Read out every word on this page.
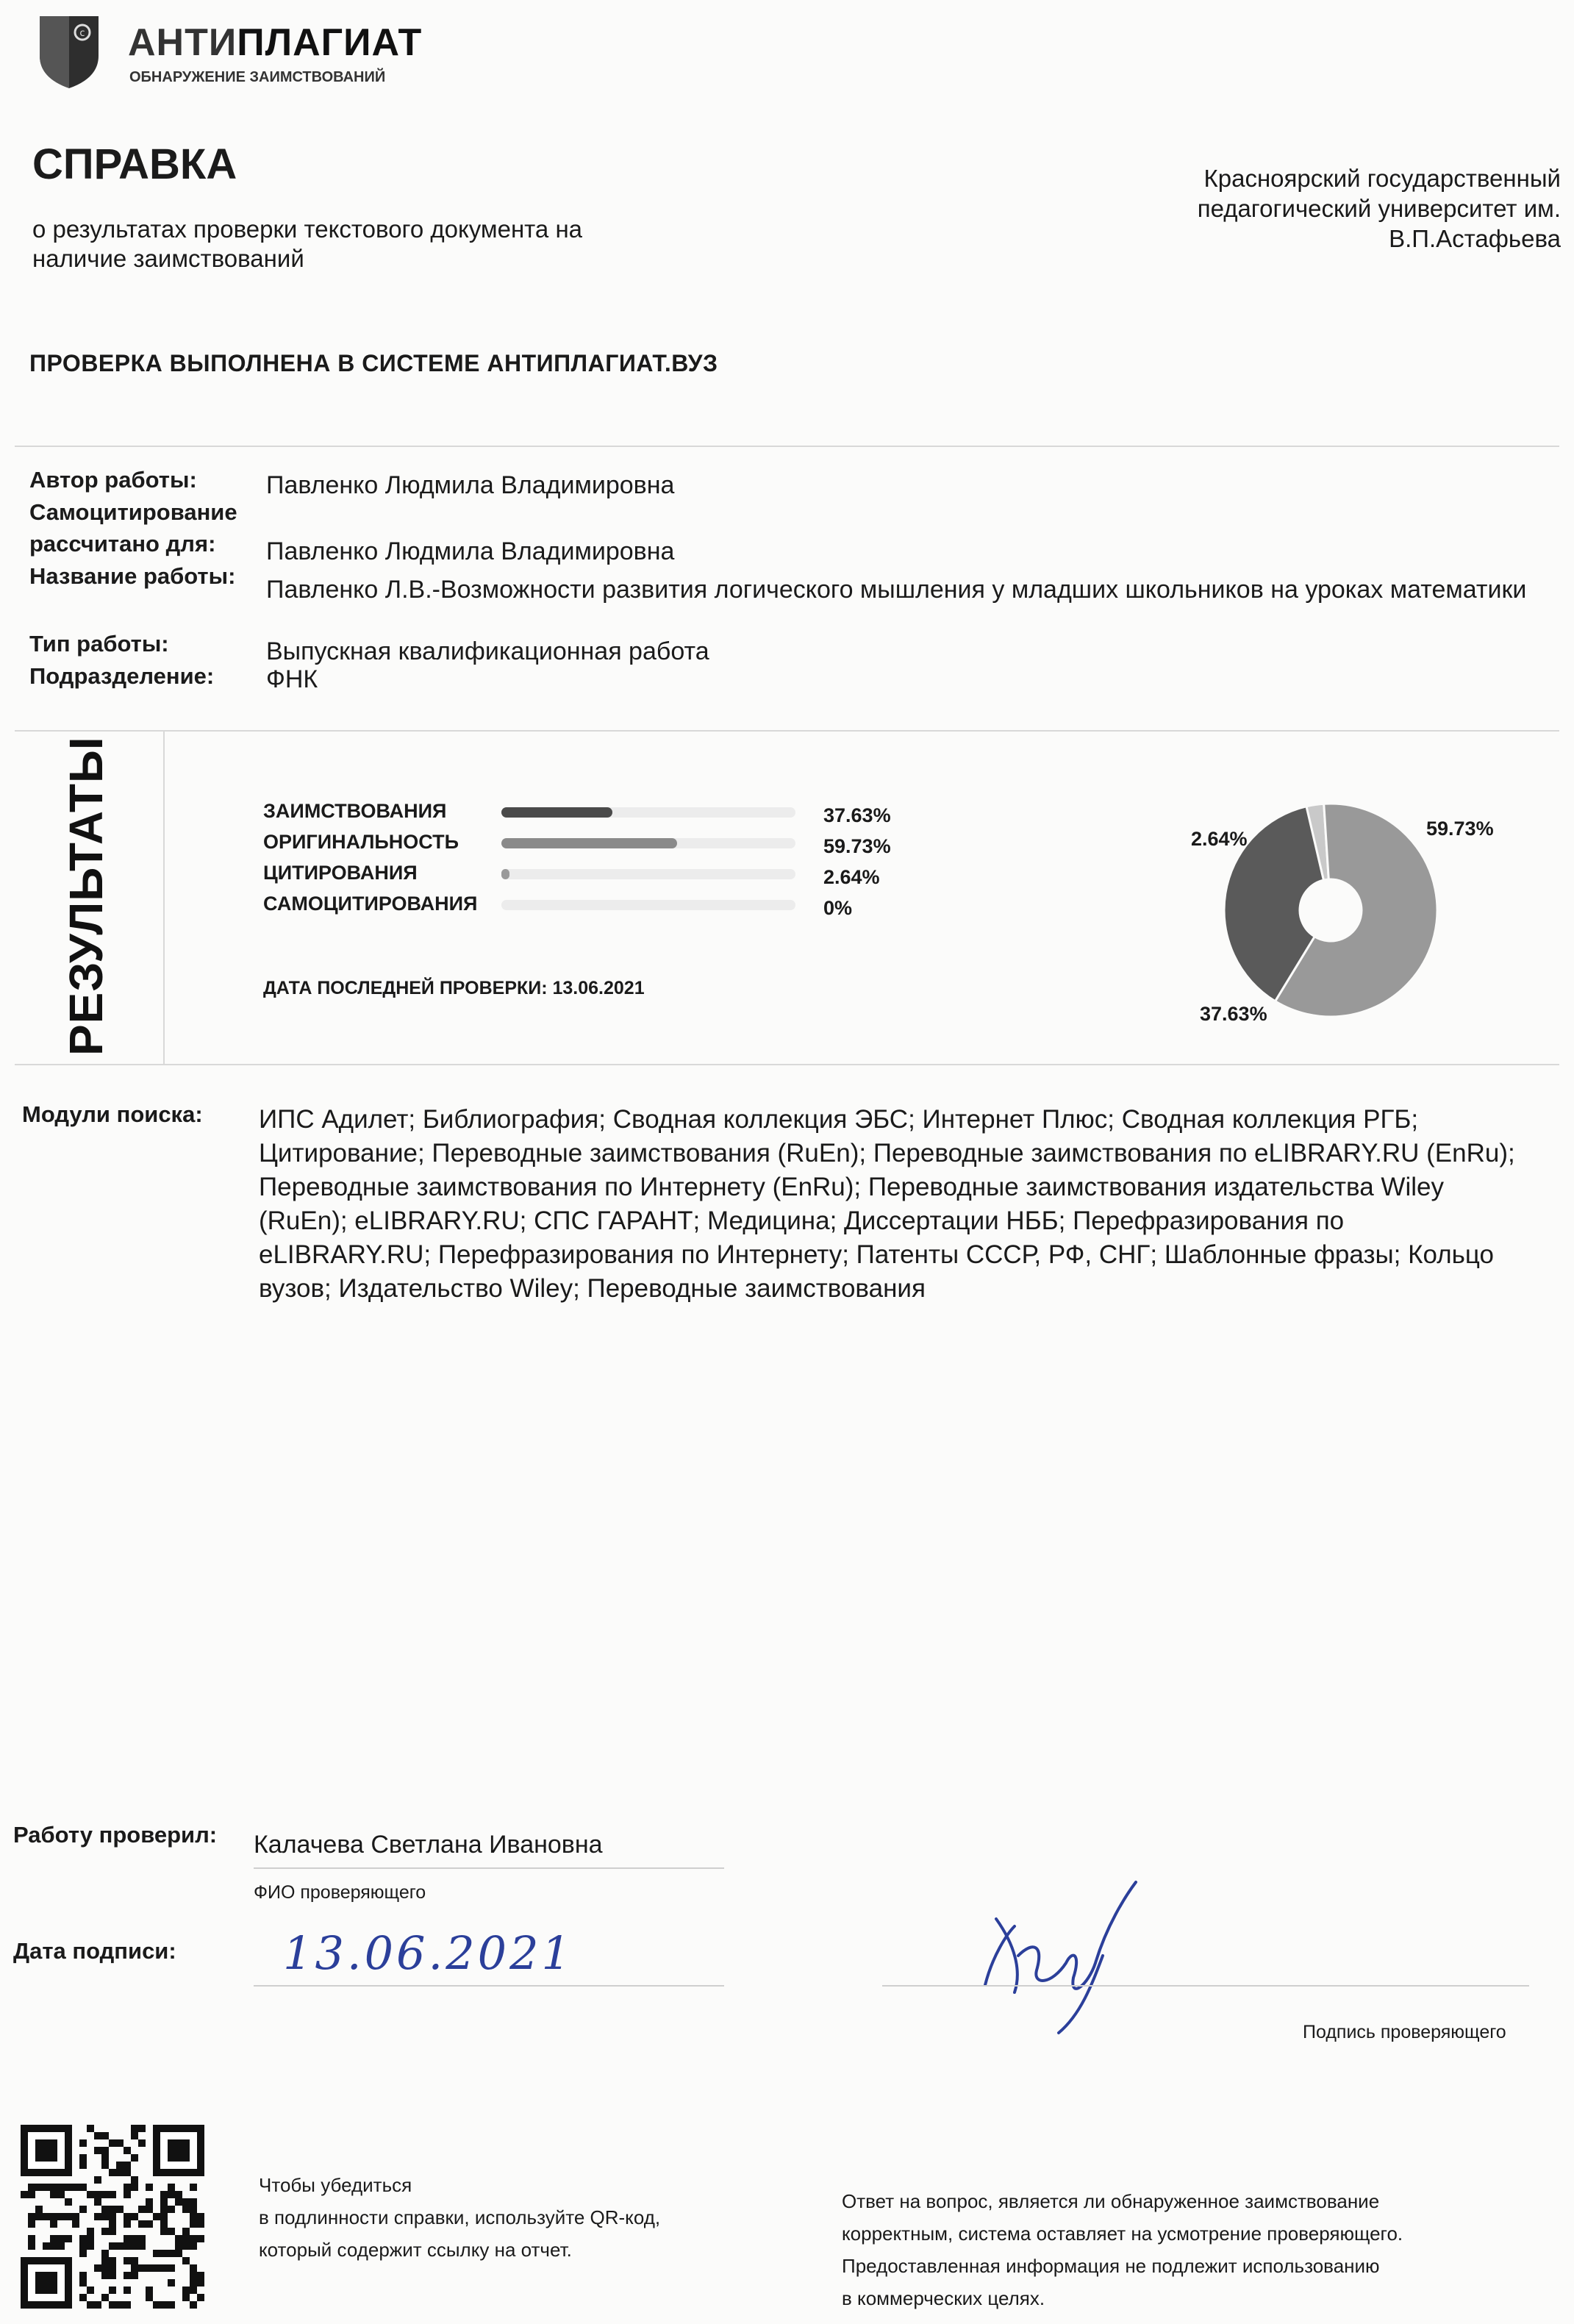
c АНТИПЛАГИАТ
ОБНАРУЖЕНИЕ ЗАИМСТВОВАНИЙ
СПРАВКА
о результатах проверки текстового документа на наличие заимствований
Красноярский государственный педагогический университет им. В.П.Астафьева
ПРОВЕРКА ВЫПОЛНЕНА В СИСТЕМЕ АНТИПЛАГИАТ.ВУЗ
Автор работы:	Павленко Людмила Владимировна
Самоцитирование
рассчитано для: Павленко Людмила Владимировна
Название работы: Павленко Л.В.-Возможности развития логического мышления у младших школьников на уроках математики
Тип работы:	Выпускная квалификационная работа
Подразделение: ФНК
РЕЗУЛЬТАТЫ	ЗАИМСТВОВАНИЯ	37.63%
ОРИГИНАЛЬНОСТЬ	59.73%
ЦИТИРОВАНИЯ	2.64%
САМОЦИТИРОВАНИЯ	0%
ДАТА ПОСЛЕДНЕЙ ПРОВЕРКИ: 13.06.2021
2.64%	59.73%
37.63%
Модули поиска: ИПС Адилет; Библиография; Сводная коллекция ЭБС; Интернет Плюс; Сводная коллекция РГБ; Цитирование; Переводные заимствования (RuEn); Переводные заимствования по eLIBRARY.RU (EnRu); Переводные заимствования по Интернету (EnRu); Переводные заимствования издательства Wiley (RuEn); eLIBRARY.RU; СПС ГАРАНТ; Медицина; Диссертации НББ; Перефразирования по eLIBRARY.RU; Перефразирования по Интернету; Патенты СССР, РФ, СНГ; Шаблонные фразы; Кольцо вузов; Издательство Wiley; Переводные заимствования
Работу проверил: Калачева Светлана Ивановна
ФИО проверяющего
Дата подписи: 13.06.2021
Подпись проверяющего
Чтобы убедиться
в подлинности справки, используйте QR-код,
который содержит ссылку на отчет.
Ответ на вопрос, является ли обнаруженное заимствование
корректным, система оставляет на усмотрение проверяющего.
Предоставленная информация не подлежит использованию
в коммерческих целях.
